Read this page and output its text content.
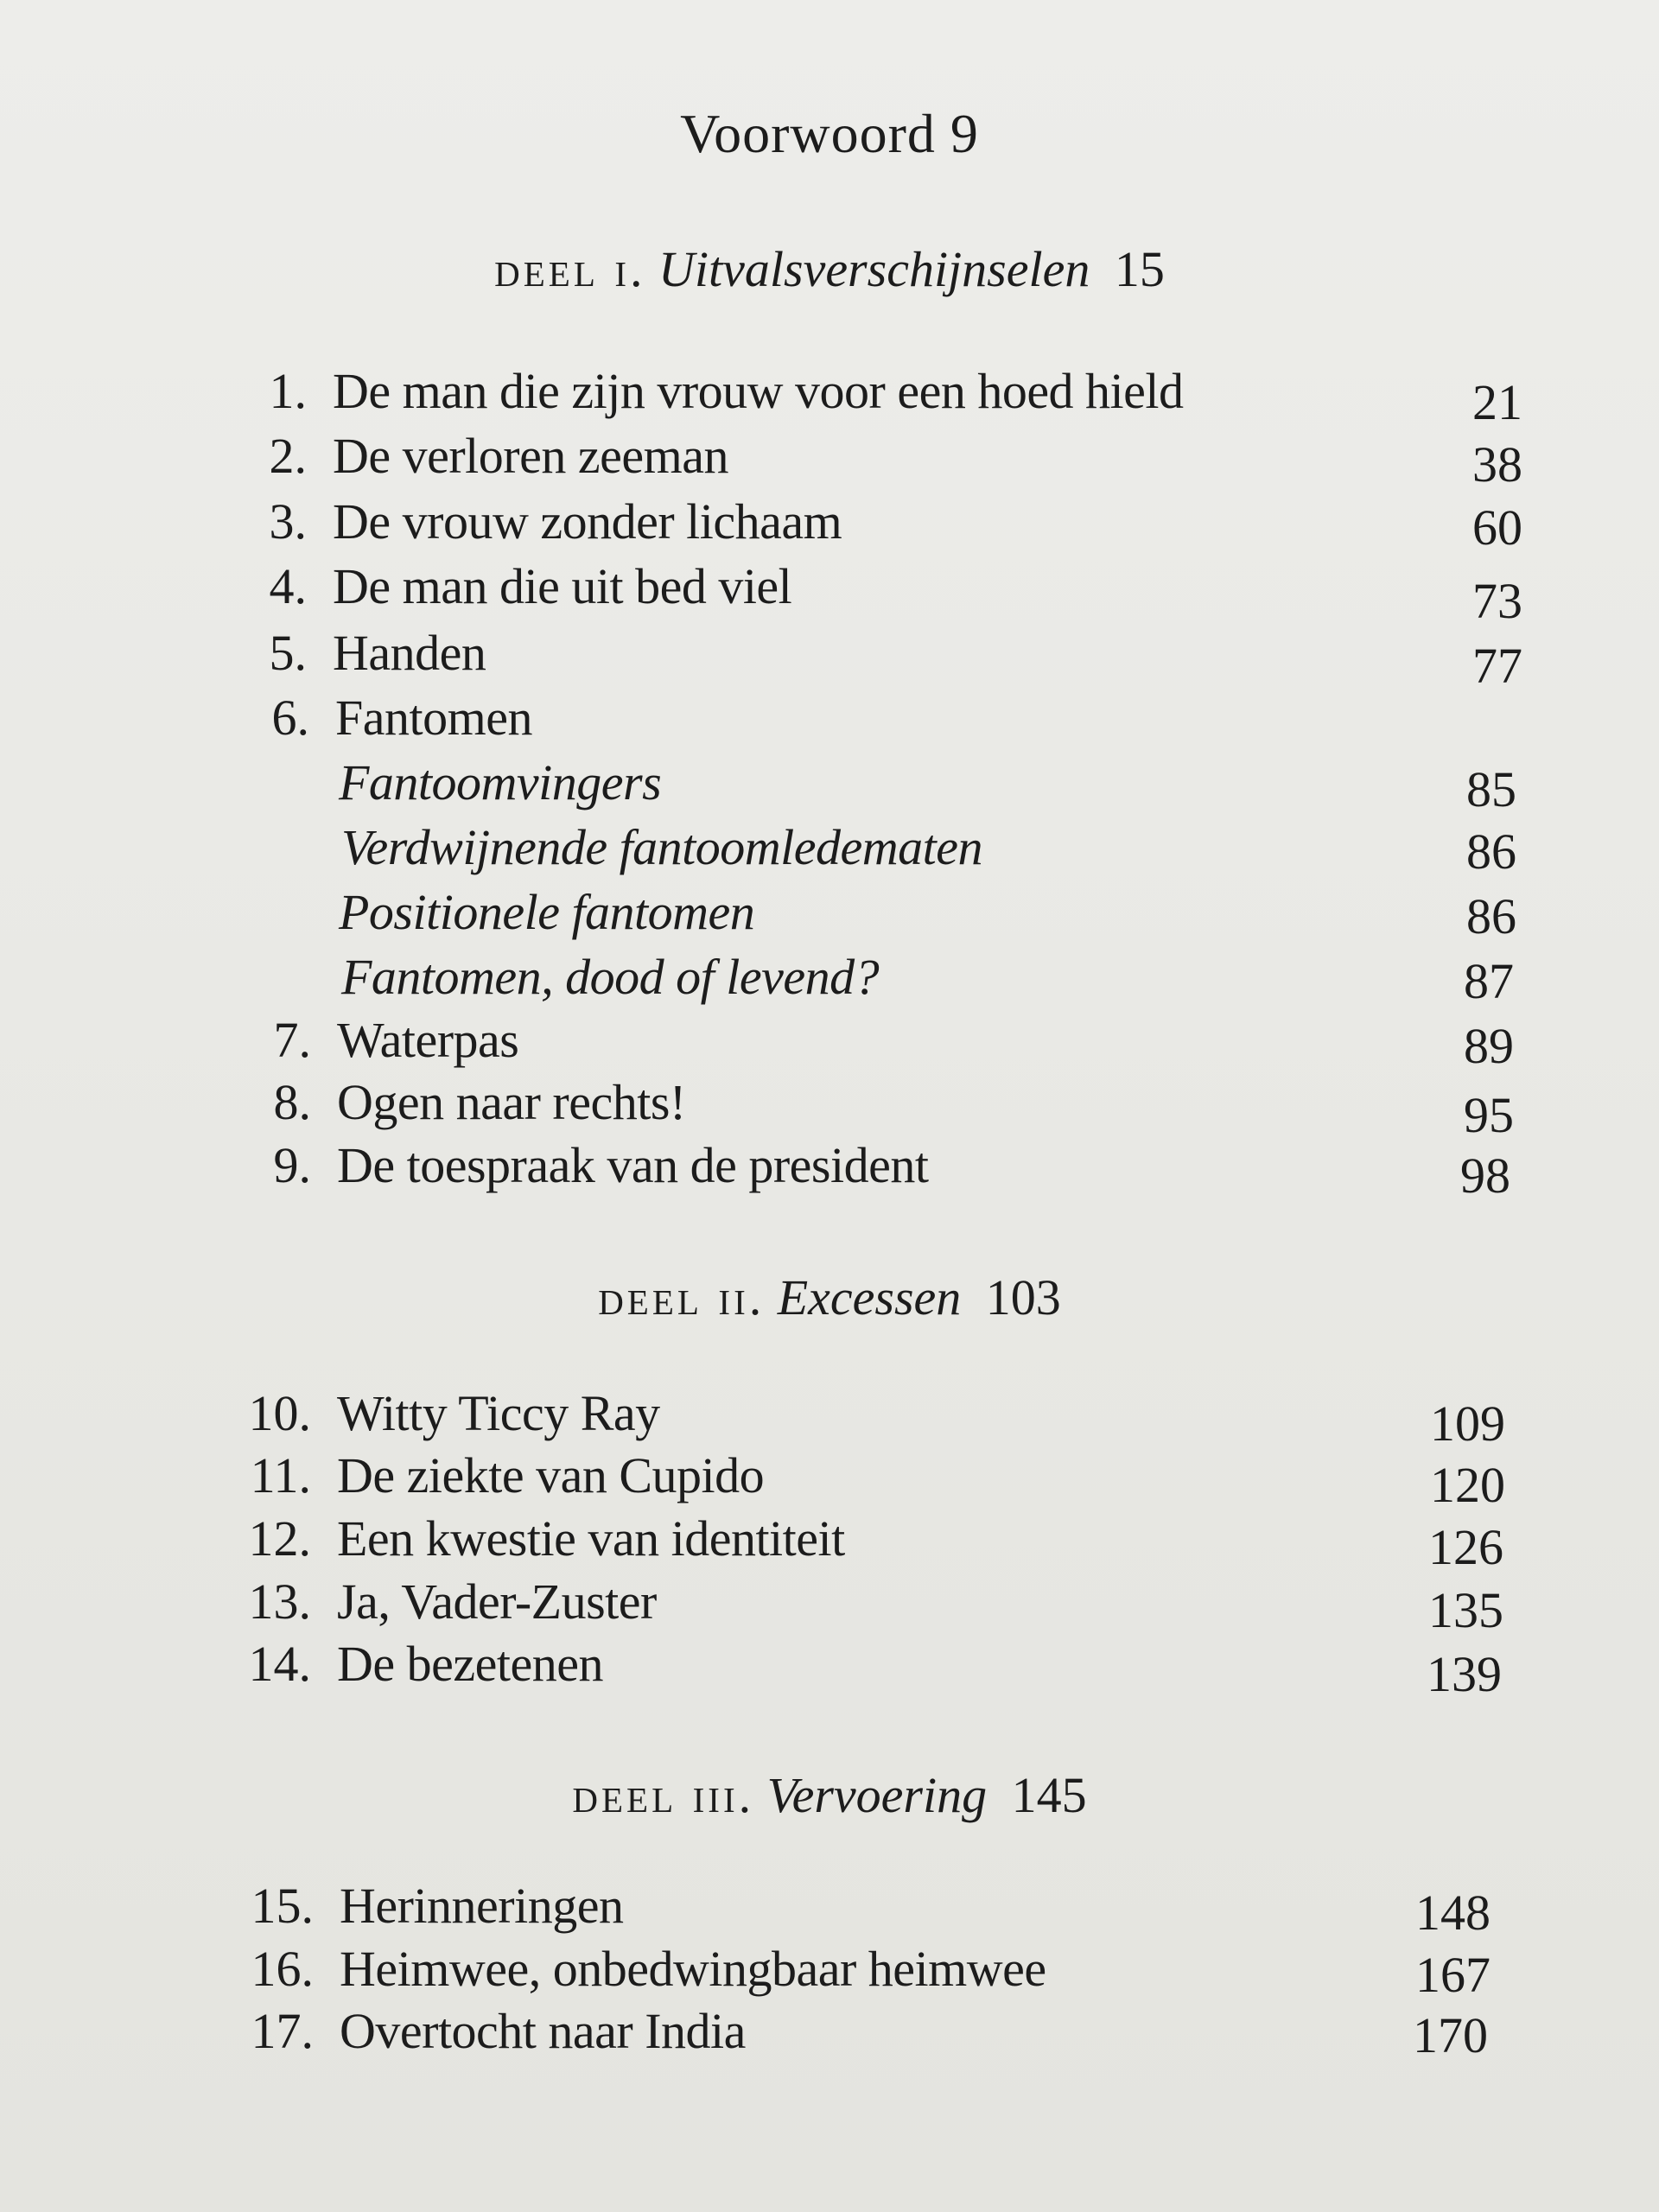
Voorwoord 9
deel i. Uitvalsverschijnselen 15
1. De man die zijn vrouw voor een hoed hield	21
2. De verloren zeeman	38
3. De vrouw zonder lichaam	60
4. De man die uit bed viel	73
5. Handen	77
6. Fantomen
Fantoomvingers	85
Verdwijnende fantoomledematen	86
Positionele fantomen	86
Fantomen, dood of levend?	87
7. Waterpas	89
8. Ogen naar rechts!	95
9. De toespraak van de president	98
deel ii. Excessen 103
10. Witty Ticcy Ray	109
11. De ziekte van Cupido	120
12. Een kwestie van identiteit	126
13. Ja, Vader-Zuster	135
14. De bezetenen	139
deel iii. Vervoering 145
15. Herinneringen	148
16. Heimwee, onbedwingbaar heimwee	167
17. Overtocht naar India	170
